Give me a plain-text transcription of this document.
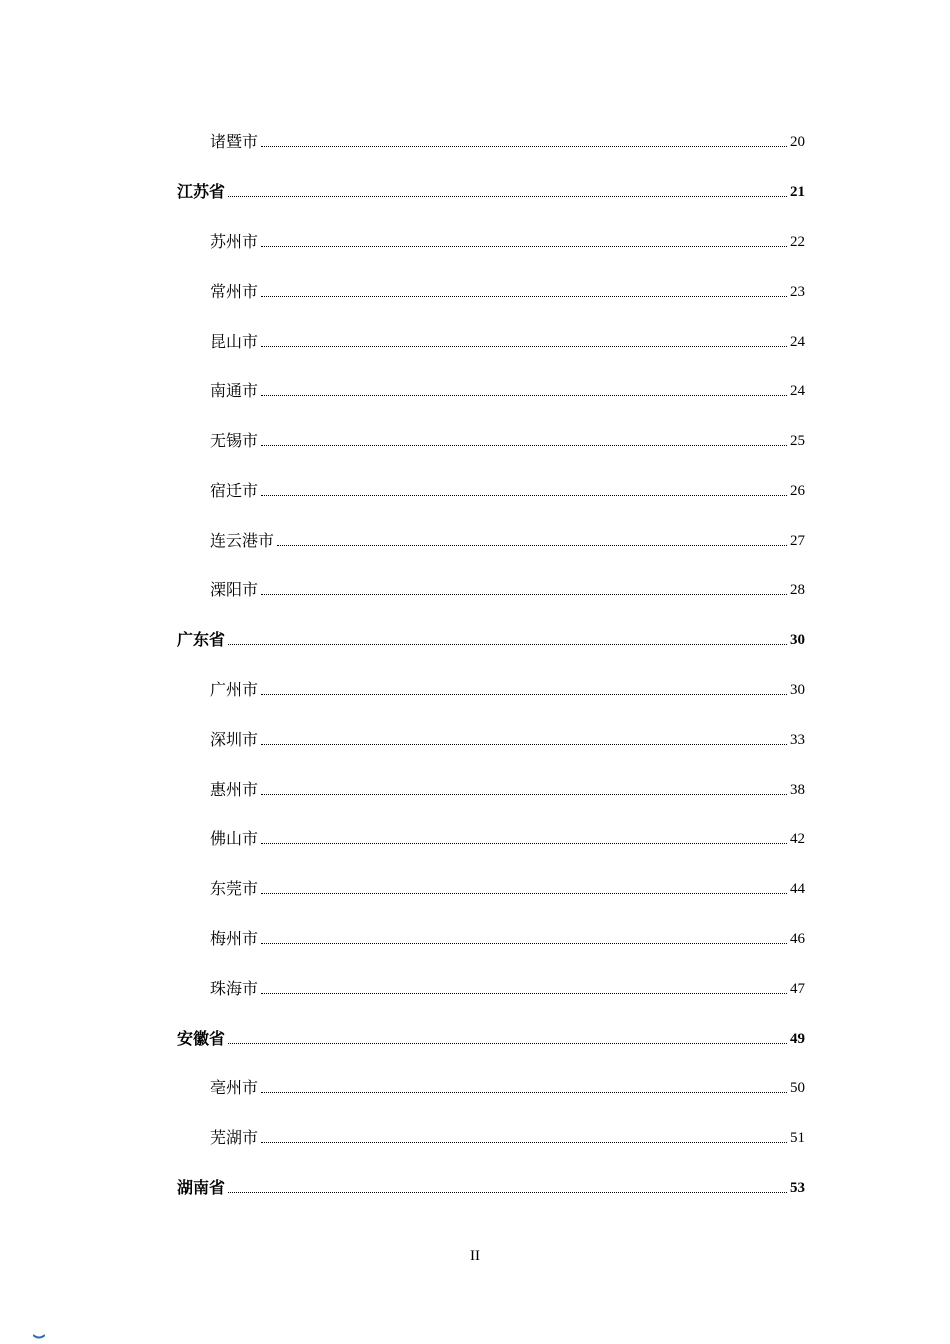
诸暨市	20
江苏省	21
苏州市	22
常州市	23
昆山市	24
南通市	24
无锡市	25
宿迁市	26
连云港市	27
溧阳市	28
广东省	30
广州市	30
深圳市	33
惠州市	38
佛山市	42
东莞市	44
梅州市	46
珠海市	47
安徽省	49
亳州市	50
芜湖市	51
湖南省	53
II
